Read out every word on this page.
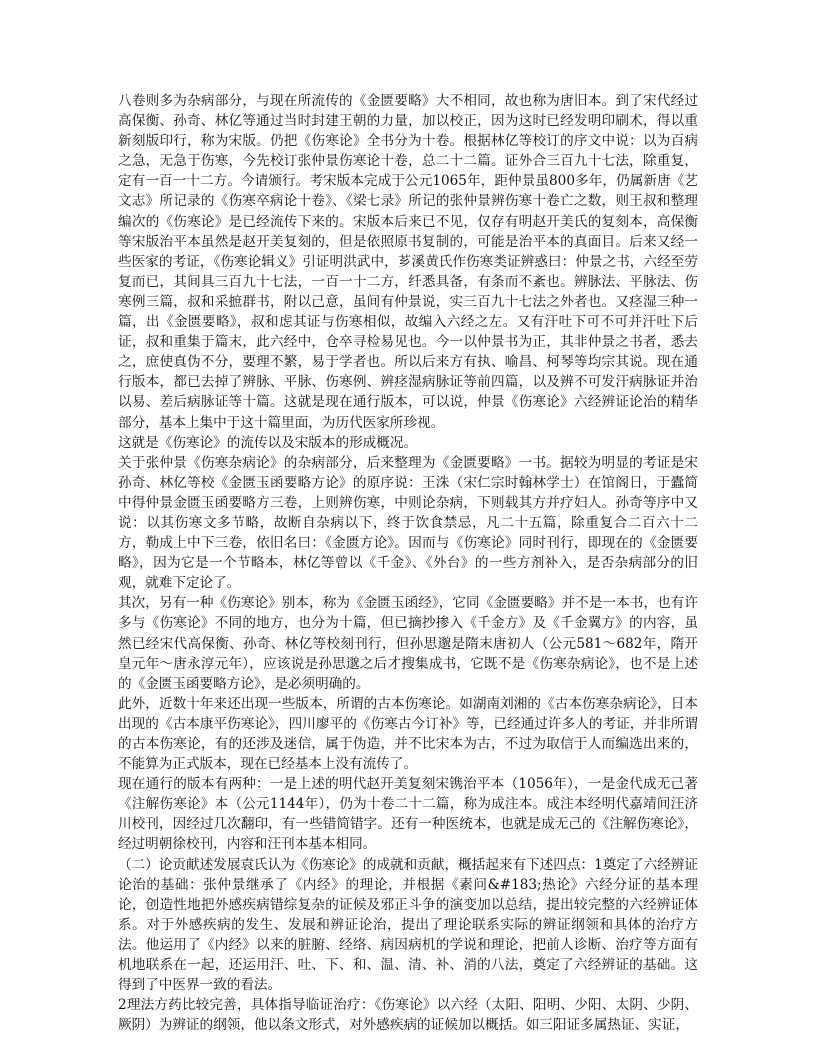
八卷则多为杂病部分，与现在所流传的《金匮要略》大不相同，故也称为唐旧本。到了宋代经过高保衡、孙奇、林亿等通过当时封建王朝的力量，加以校正，因为这时已经发明印刷术，得以重新刻版印行，称为宋版。仍把《伤寒论》全书分为十卷。根据林亿等校订的序文中说：以为百病之急，无急于伤寒，今先校订张仲景伤寒论十卷，总二十二篇。证外合三百九十七法，除重复，定有一百一十二方。今请颁行。考宋版本完成于公元1065年，距仲景虽800多年，仍属新唐《艺文志》所记录的《伤寒卒病论十卷》、《梁七录》所记的张仲景辨伤寒十卷亡之数，则王叔和整理编次的《伤寒论》是已经流传下来的。宋版本后来已不见，仅存有明赵开美氏的复刻本，高保衡等宋版治平本虽然是赵开美复刻的，但是依照原书复制的，可能是治平本的真面目。后来又经一些医家的考证，《伤寒论辑义》引证明洪武中，芗溪黄氏作伤寒类证辨惑曰：仲景之书，六经至劳复而已，其间具三百九十七法，一百一十二方，纤悉具备，有条而不紊也。辨脉法、平脉法、伤寒例三篇，叔和采摭群书，附以己意，虽间有仲景说，实三百九十七法之外者也。又痉湿三种一篇，出《金匮要略》，叔和虑其证与伤寒相似，故编入六经之左。又有汗吐下可不可并汗吐下后证，叔和重集于篇末，此六经中，仓卒寻检易见也。今一以仲景书为正，其非仲景之书者，悉去之，庶使真伪不分，要理不繁，易于学者也。所以后来方有执、喻昌、柯琴等均宗其说。现在通行版本，都已去掉了辨脉、平脉、伤寒例、辨痉湿病脉证等前四篇，以及辨不可发汗病脉证并治以易、差后病脉证等十篇。这就是现在通行版本，可以说，仲景《伤寒论》六经辨证论治的精华部分，基本上集中于这十篇里面，为历代医家所珍视。

这就是《伤寒论》的流传以及宋版本的形成概况。

关于张仲景《伤寒杂病论》的杂病部分，后来整理为《金匮要略》一书。据较为明显的考证是宋孙奇、林亿等校《金匮玉函要略方论》的原序说：王洙（宋仁宗时翰林学士）在馆阁日，于蠹简中得仲景金匮玉函要略方三卷，上则辨伤寒，中则论杂病，下则载其方并疗妇人。孙奇等序中又说：以其伤寒文多节略，故断自杂病以下，终于饮食禁忌，凡二十五篇，除重复合二百六十二方，勒成上中下三卷，依旧名曰：《金匮方论》。因而与《伤寒论》同时刊行，即现在的《金匮要略》，因为它是一个节略本，林亿等曾以《千金》、《外台》的一些方剂补入，是否杂病部分的旧观，就难下定论了。

其次，另有一种《伤寒论》别本，称为《金匮玉函经》，它同《金匮要略》并不是一本书，也有许多与《伤寒论》不同的地方，也分为十篇，但已摘抄掺入《千金方》及《千金翼方》的内容，虽然已经宋代高保衡、孙奇、林亿等校刻刊行，但孙思邈是隋末唐初人（公元581～682年，隋开皇元年～唐永淳元年），应该说是孙思邈之后才搜集成书，它既不是《伤寒杂病论》，也不是上述的《金匮玉函要略方论》，是必须明确的。

此外，近数十年来还出现一些版本，所谓的古本伤寒论。如湖南刘湘的《古本伤寒杂病论》，日本出现的《古本康平伤寒论》，四川廖平的《伤寒古今订补》等，已经通过许多人的考证，并非所谓的古本伤寒论，有的还涉及迷信，属于伪造，并不比宋本为古，不过为取信于人而编选出来的，不能算为正式版本，现在已经基本上没有流传了。

现在通行的版本有两种：一是上述的明代赵开美复刻宋镌治平本（1056年），一是金代成无己著《注解伤寒论》本（公元1144年），仍为十卷二十二篇，称为成注本。成注本经明代嘉靖间汪济川校刊，因经过几次翻印，有一些错简错字。还有一种医统本，也就是成无己的《注解伤寒论》，经过明朝徐校刊，内容和汪刊本基本相同。

（二）论贡献述发展袁氏认为《伤寒论》的成就和贡献，概括起来有下述四点：1奠定了六经辨证论治的基础：张仲景继承了《内经》的理论，并根据《素问&#183;热论》六经分证的基本理论，创造性地把外感疾病错综复杂的证候及邪正斗争的演变加以总结，提出较完整的六经辨证体系。对于外感疾病的发生、发展和辨证论治，提出了理论联系实际的辨证纲领和具体的治疗方法。他运用了《内经》以来的脏腑、经络、病因病机的学说和理论，把前人诊断、治疗等方面有机地联系在一起，还运用汗、吐、下、和、温、清、补、消的八法，奠定了六经辨证的基础。这得到了中医界一致的看法。

2理法方药比较完善，具体指导临证治疗：《伤寒论》以六经（太阳、阳明、少阳、太阴、少阴、厥阴）为辨证的纲领，他以条文形式，对外感疾病的证候加以概括。如三阳证多属热证、实证，
